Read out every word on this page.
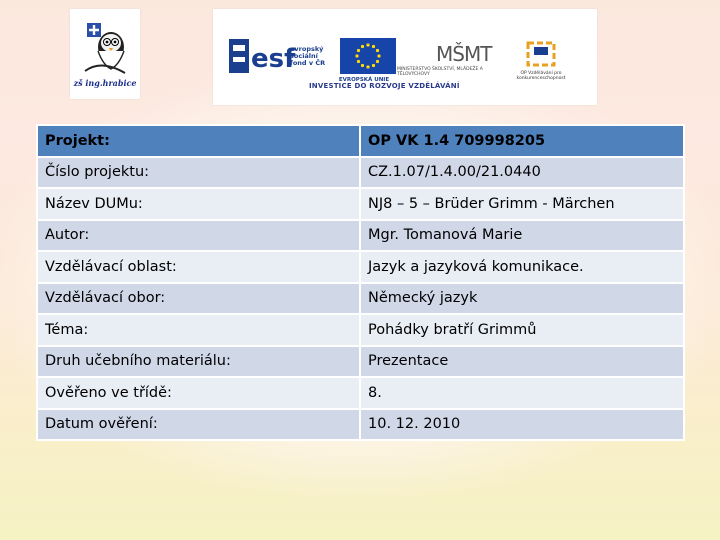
zš ing.hrabice
esf
evropský sociální fond v ČR	MŠMT
EVROPSKÁ UNIE
MINISTERSTVO ŠKOLSTVÍ, MLÁDEŽE A TĚLOVÝCHOVY	OP Vzdělávání pro konkurenceschopnost
INVESTICE DO ROZVOJE VZDĚLÁVÁNÍ
Projekt:	OP VK 1.4 709998205
Číslo projektu:	CZ.1.07/1.4.00/21.0440
Název DUMu:	NJ8 – 5 – Brüder Grimm - Märchen
Autor:	Mgr. Tomanová Marie
Vzdělávací oblast:	Jazyk a jazyková komunikace.
Vzdělávací obor:	Německý jazyk
Téma:	Pohádky bratří Grimmů
Druh učebního materiálu:	Prezentace
Ověřeno ve třídě:	8.
Datum ověření:	10. 12. 2010
